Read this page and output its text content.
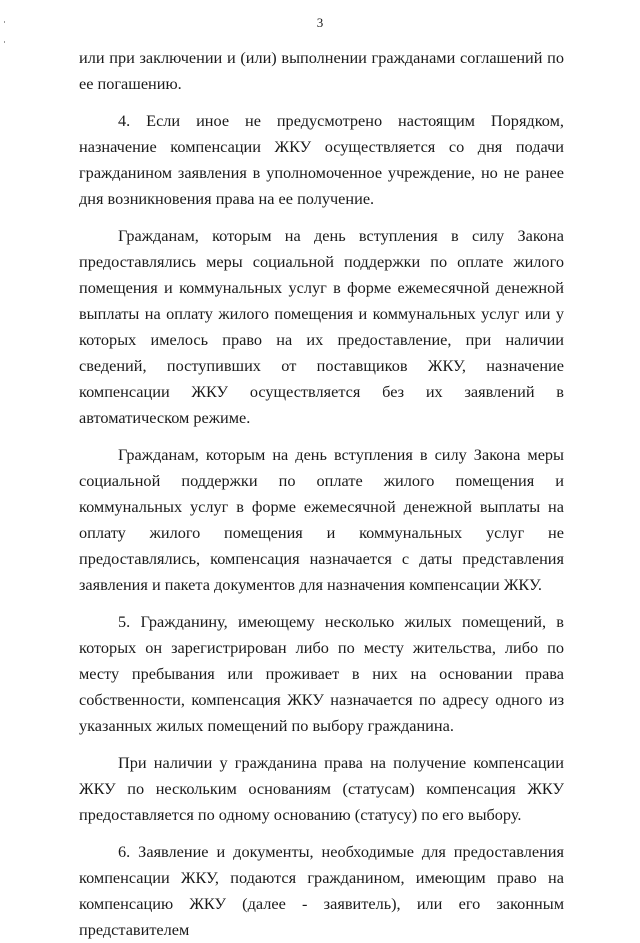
3

или при заключении и (или) выполнении гражданами соглашений по ее погашению.

4. Если иное не предусмотрено настоящим Порядком, назначение компенсации ЖКУ осуществляется со дня подачи гражданином заявления в уполномоченное учреждение, но не ранее дня возникновения права на ее получение.

Гражданам, которым на день вступления в силу Закона предоставлялись меры социальной поддержки по оплате жилого помещения и коммунальных услуг в форме ежемесячной денежной выплаты на оплату жилого помещения и коммунальных услуг или у которых имелось право на их предоставление, при наличии сведений, поступивших от поставщиков ЖКУ, назначение компенсации ЖКУ осуществляется без их заявлений в автоматическом режиме.

Гражданам, которым на день вступления в силу Закона меры социальной поддержки по оплате жилого помещения и коммунальных услуг в форме ежемесячной денежной выплаты на оплату жилого помещения и коммунальных услуг не предоставлялись, компенсация назначается с даты представления заявления и пакета документов для назначения компенсации ЖКУ.

5. Гражданину, имеющему несколько жилых помещений, в которых он зарегистрирован либо по месту жительства, либо по месту пребывания или проживает в них на основании права собственности, компенсация ЖКУ назначается по адресу одного из указанных жилых помещений по выбору гражданина.

При наличии у гражданина права на получение компенсации ЖКУ по нескольким основаниям (статусам) компенсация ЖКУ предоставляется по одному основанию (статусу) по его выбору.

6. Заявление и документы, необходимые для предоставления компенсации ЖКУ, подаются гражданином, имеющим право на компенсацию ЖКУ (далее - заявитель), или его законным представителем
